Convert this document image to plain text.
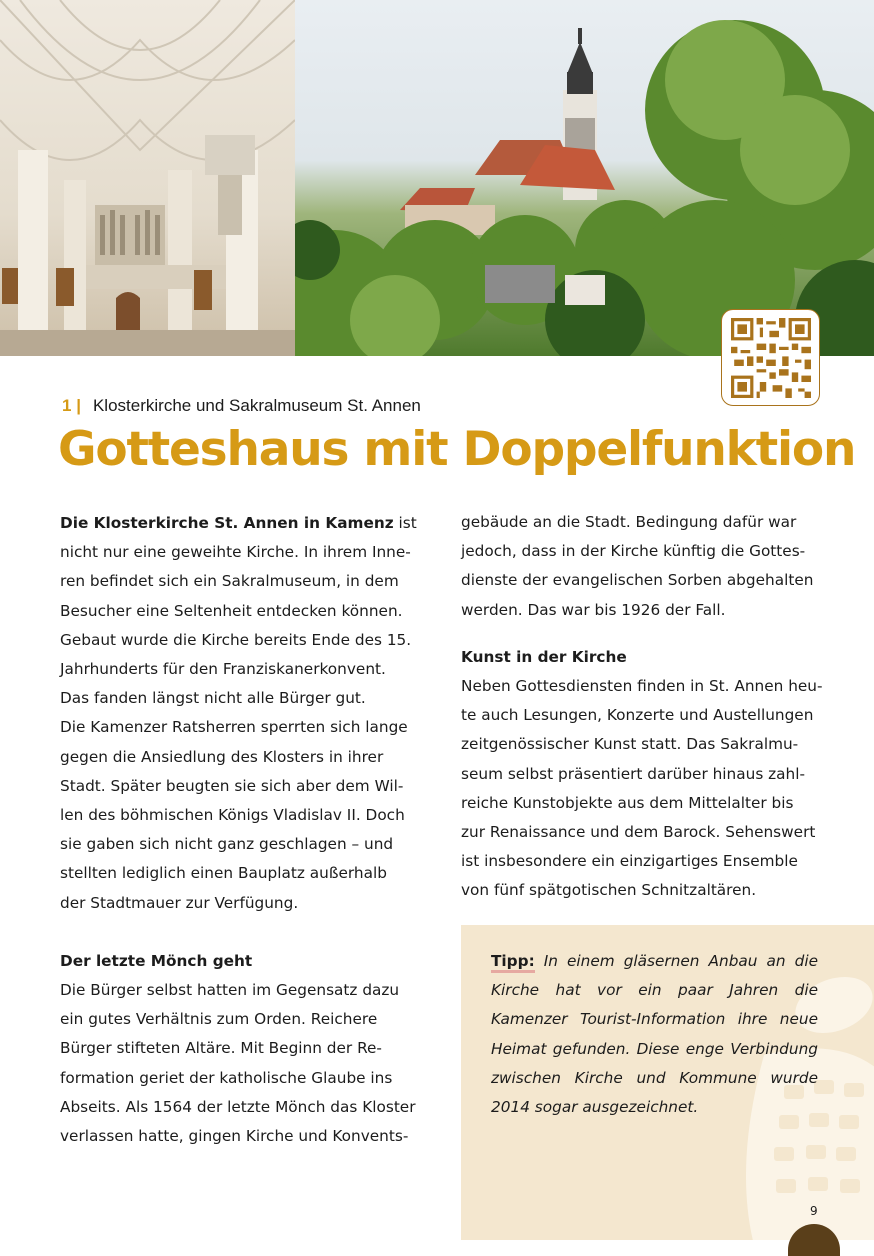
1 | Klosterkirche und Sakralmuseum St. Annen
Gotteshaus mit Doppelfunktion

Die Klosterkirche St. Annen in Kamenz ist
nicht nur eine geweihte Kirche. In ihrem Inne-
ren befindet sich ein Sakralmuseum, in dem
Besucher eine Seltenheit entdecken können.
Gebaut wurde die Kirche bereits Ende des 15.
Jahrhunderts für den Franziskanerkonvent.
Das fanden längst nicht alle Bürger gut.
Die Kamenzer Ratsherren sperrten sich lange
gegen die Ansiedlung des Klosters in ihrer
Stadt. Später beugten sie sich aber dem Wil-
len des böhmischen Königs Vladislav II. Doch
sie gaben sich nicht ganz geschlagen – und
stellten lediglich einen Bauplatz außerhalb
der Stadtmauer zur Verfügung.

Der letzte Mönch geht

Die Bürger selbst hatten im Gegensatz dazu
ein gutes Verhältnis zum Orden. Reichere
Bürger stifteten Altäre. Mit Beginn der Re-
formation geriet der katholische Glaube ins
Abseits. Als 1564 der letzte Mönch das Kloster
verlassen hatte, gingen Kirche und Konvents-

gebäude an die Stadt. Bedingung dafür war
jedoch, dass in der Kirche künftig die Gottes-
dienste der evangelischen Sorben abgehalten
werden. Das war bis 1926 der Fall.

Kunst in der Kirche

Neben Gottesdiensten finden in St. Annen heu-
te auch Lesungen, Konzerte und Austellungen
zeitgenössischer Kunst statt. Das Sakralmu-
seum selbst präsentiert darüber hinaus zahl-
reiche Kunstobjekte aus dem Mittelalter bis
zur Renaissance und dem Barock. Sehenswert
ist insbesondere ein einzigartiges Ensemble
von fünf spätgotischen Schnitzaltären.

Tipp: In einem gläsernen Anbau an die Kirche hat vor ein paar Jahren die Kamenzer Tourist-Information ihre neue Heimat gefunden. Diese enge Verbindung zwischen Kirche und Kommune wurde 2014 sogar ausgezeichnet.
9
